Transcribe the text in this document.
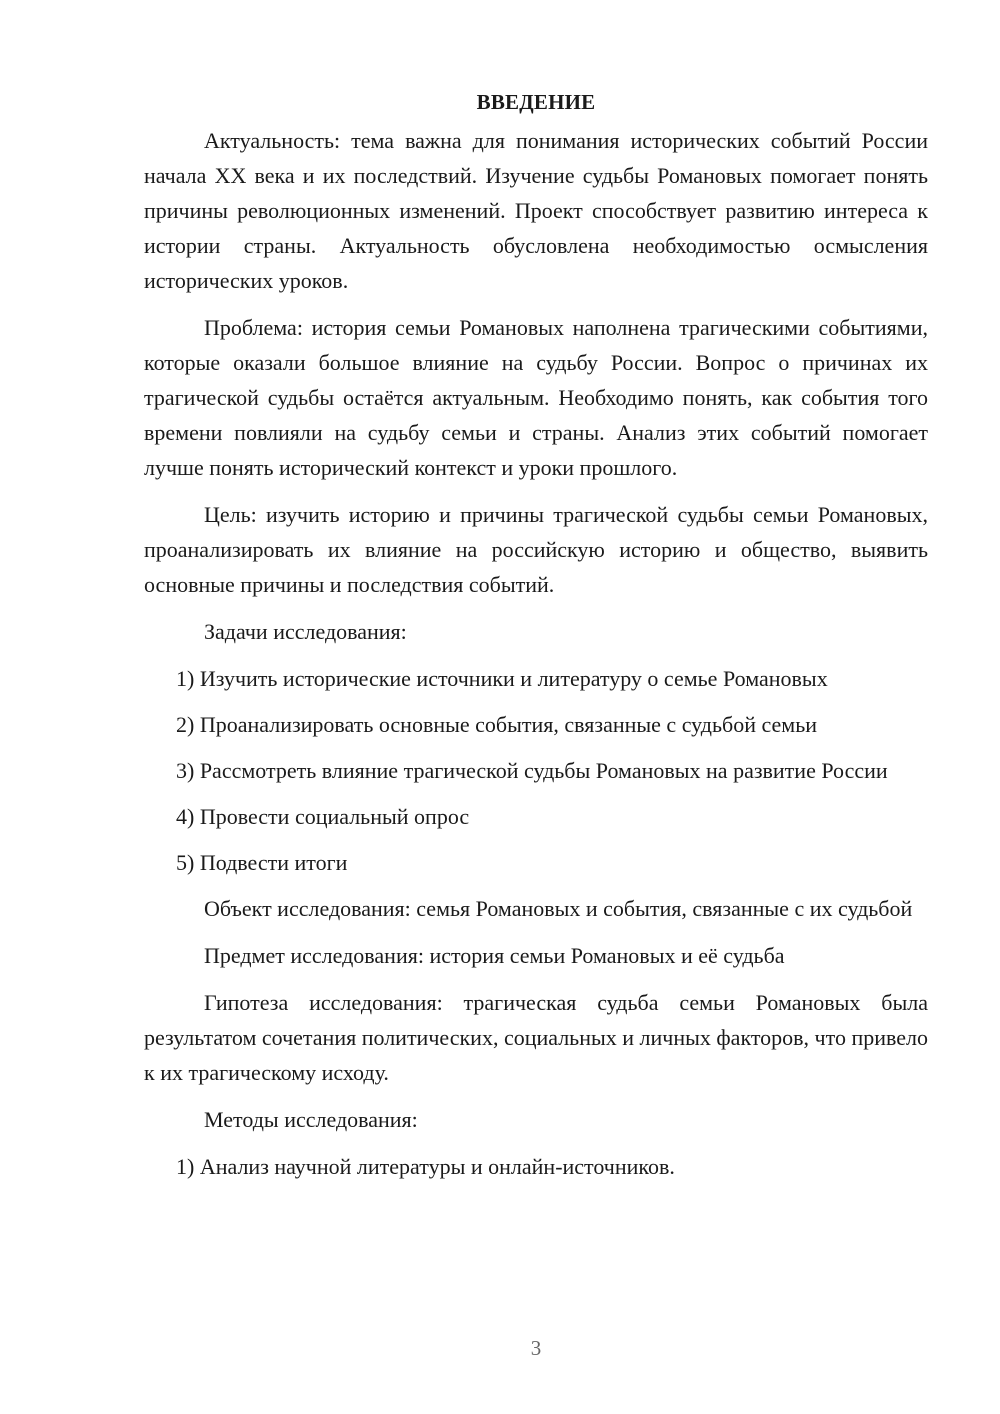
ВВЕДЕНИЕ

Актуальность: тема важна для понимания исторических событий России начала XX века и их последствий. Изучение судьбы Романовых помогает понять причины революционных изменений. Проект способствует развитию интереса к истории страны. Актуальность обусловлена необходимостью осмысления исторических уроков.

Проблема: история семьи Романовых наполнена трагическими событиями, которые оказали большое влияние на судьбу России. Вопрос о причинах их трагической судьбы остаётся актуальным. Необходимо понять, как события того времени повлияли на судьбу семьи и страны. Анализ этих событий помогает лучше понять исторический контекст и уроки прошлого.

Цель: изучить историю и причины трагической судьбы семьи Романовых, проанализировать их влияние на российскую историю и общество, выявить основные причины и последствия событий.

Задачи исследования:

1) Изучить исторические источники и литературу о семье Романовых

2) Проанализировать основные события, связанные с судьбой семьи

3) Рассмотреть влияние трагической судьбы Романовых на развитие России

4) Провести социальный опрос

5) Подвести итоги

Объект исследования: семья Романовых и события, связанные с их судьбой

Предмет исследования: история семьи Романовых и её судьба

Гипотеза исследования: трагическая судьба семьи Романовых была результатом сочетания политических, социальных и личных факторов, что привело к их трагическому исходу.

Методы исследования:

1) Анализ научной литературы и онлайн-источников.

3
